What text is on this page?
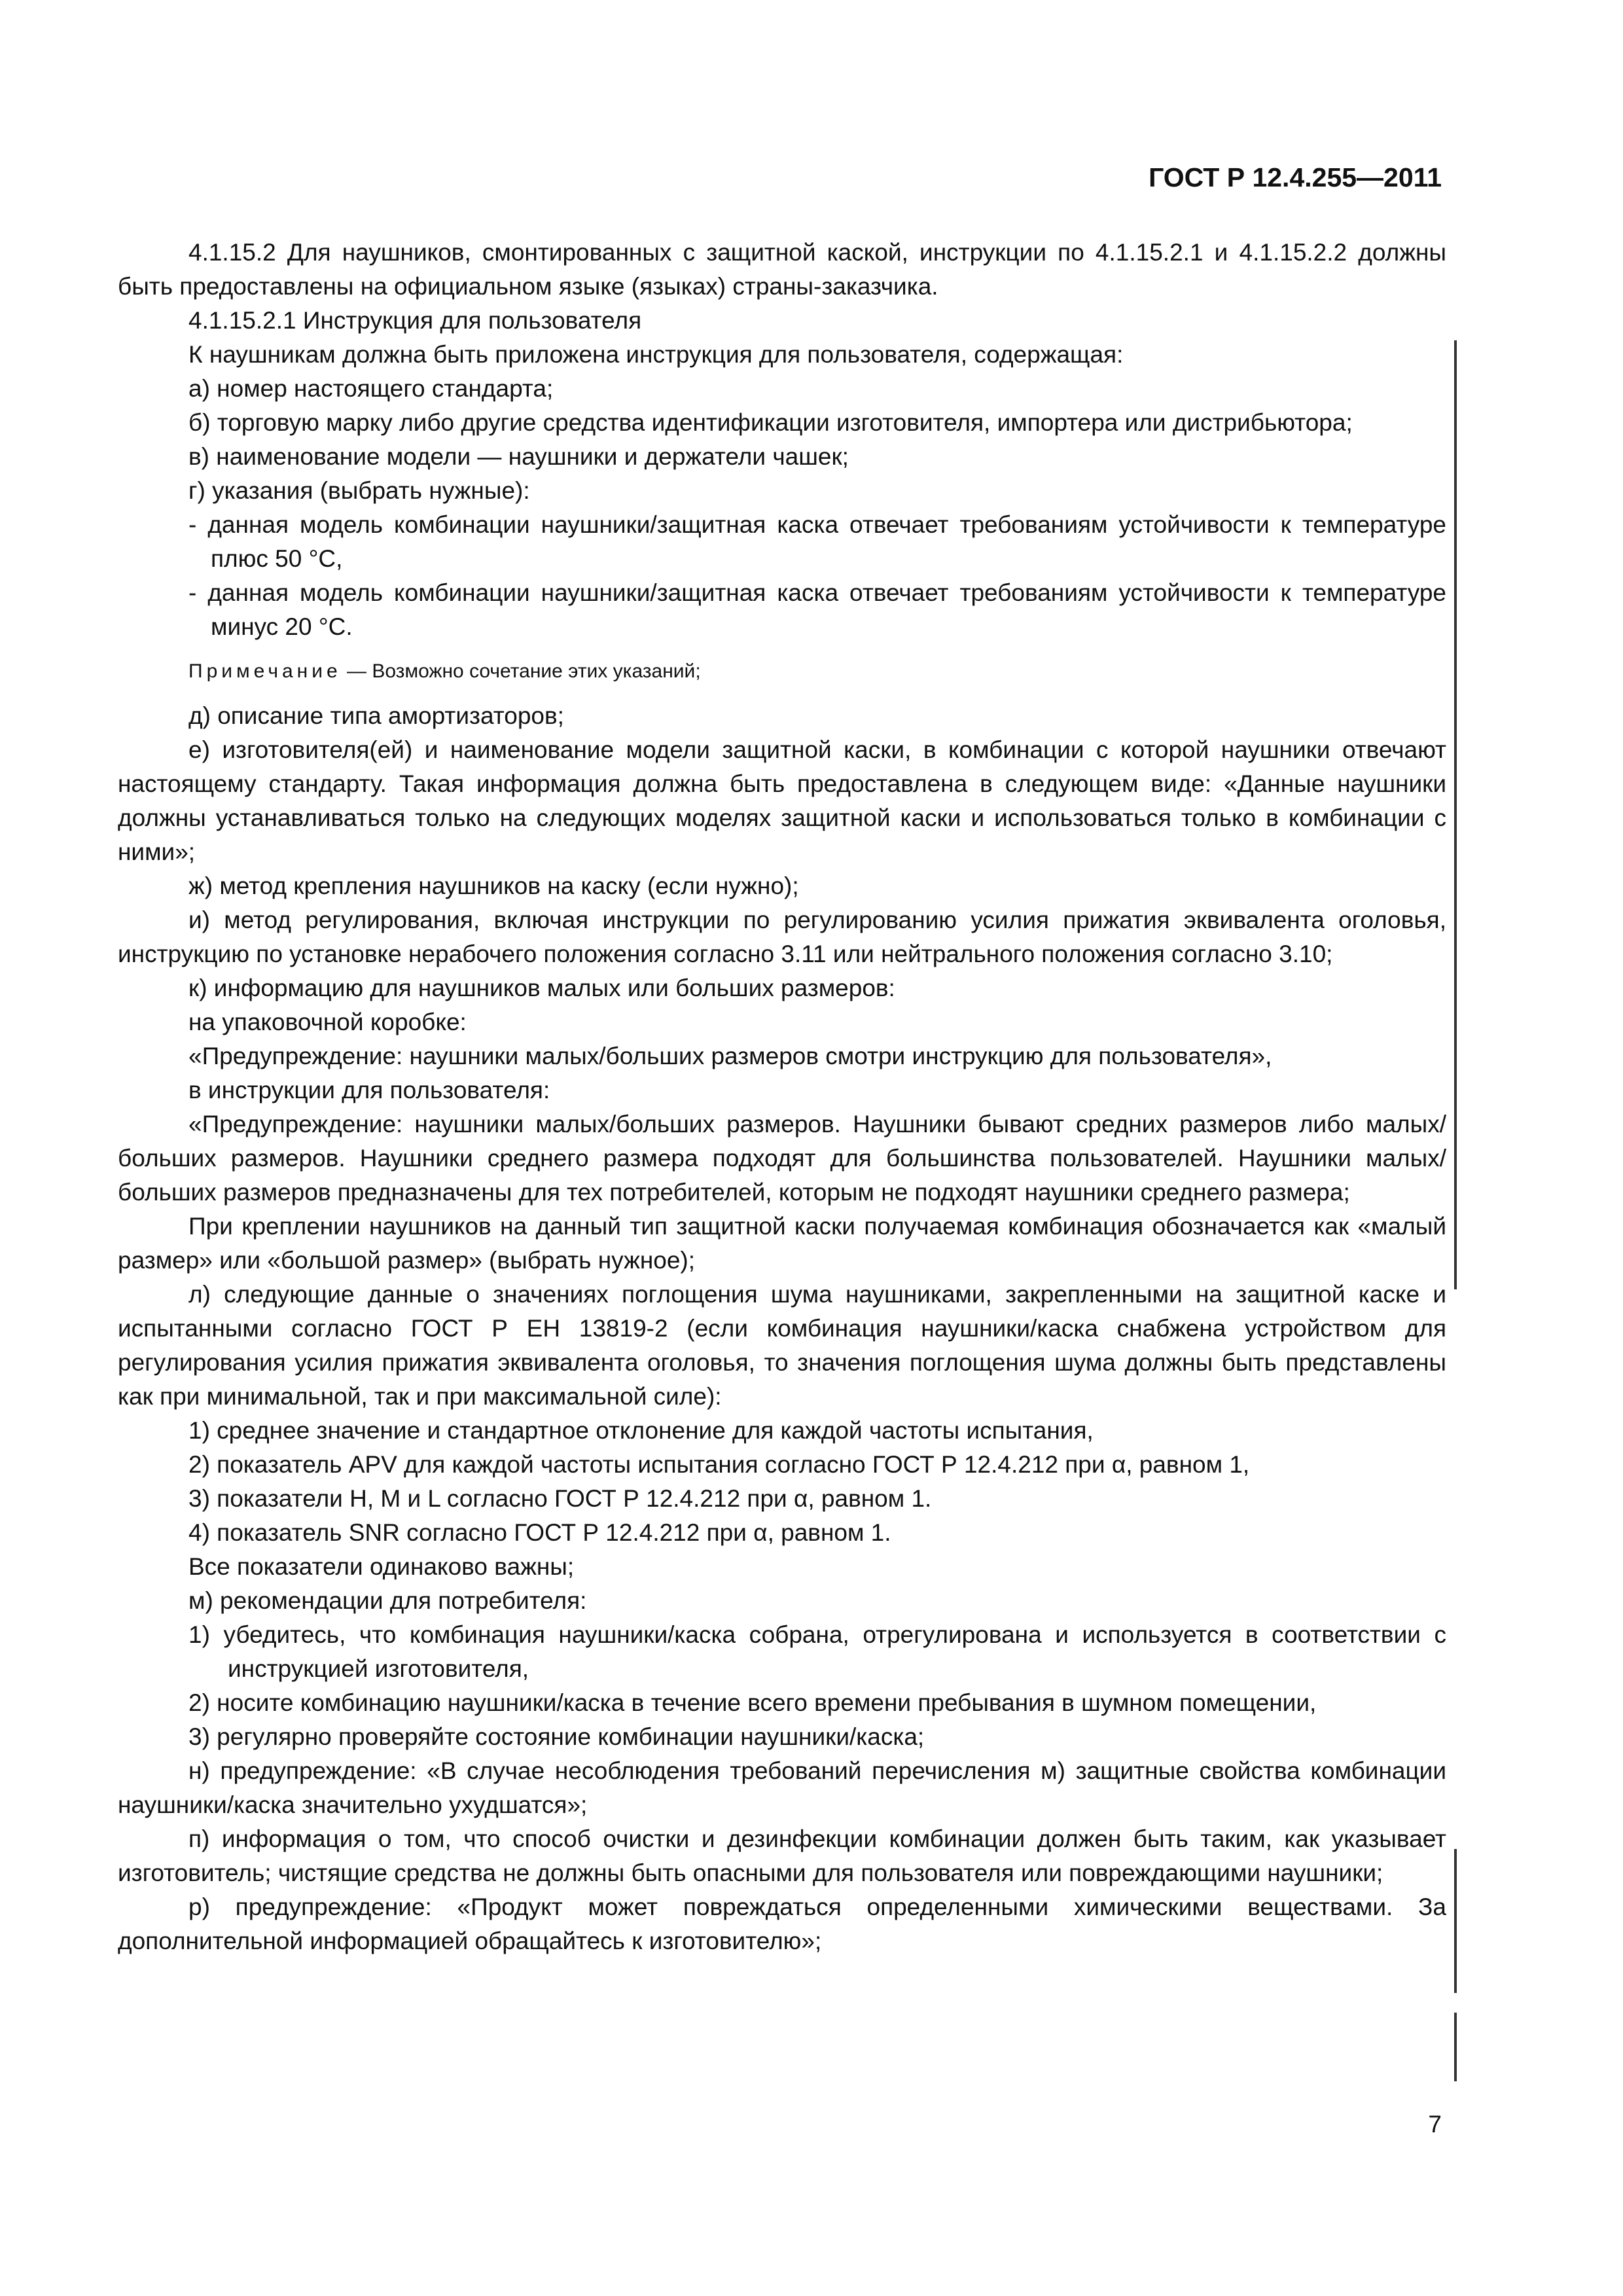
ГОСТ Р 12.4.255—2011

4.1.15.2 Для наушников, смонтированных с защитной каской, инструкции по 4.1.15.2.1 и 4.1.15.2.2 должны быть предоставлены на официальном языке (языках) страны-заказчика.

4.1.15.2.1 Инструкция для пользователя

К наушникам должна быть приложена инструкция для пользователя, содержащая:

а) номер настоящего стандарта;

б) торговую марку либо другие средства идентификации изготовителя, импортера или дистрибьютора;

в) наименование модели — наушники и держатели чашек;

г) указания (выбрать нужные):

- данная модель комбинации наушники/защитная каска отвечает требованиям устойчивости к температуре плюс 50 °С,

- данная модель комбинации наушники/защитная каска отвечает требованиям устойчивости к температуре минус 20 °С.

Примечание — Возможно сочетание этих указаний;

д) описание типа амортизаторов;

е) изготовителя(ей) и наименование модели защитной каски, в комбинации с которой наушники отвечают настоящему стандарту. Такая информация должна быть предоставлена в следующем виде: «Данные наушники должны устанавливаться только на следующих моделях защитной каски и использоваться только в комбинации с ними»;

ж) метод крепления наушников на каску (если нужно);

и) метод регулирования, включая инструкции по регулированию усилия прижатия эквивалента оголовья, инструкцию по установке нерабочего положения согласно 3.11 или нейтрального положения согласно 3.10;

к) информацию для наушников малых или больших размеров:

на упаковочной коробке:

«Предупреждение: наушники малых/больших размеров смотри инструкцию для пользователя»,

в инструкции для пользователя:

«Предупреждение: наушники малых/больших размеров. Наушники бывают средних размеров либо малых/больших размеров. Наушники среднего размера подходят для большинства пользователей. Наушники малых/больших размеров предназначены для тех потребителей, которым не подходят наушники среднего размера;

При креплении наушников на данный тип защитной каски получаемая комбинация обозначается как «малый размер» или «большой размер» (выбрать нужное);

л) следующие данные о значениях поглощения шума наушниками, закрепленными на защитной каске и испытанными согласно ГОСТ Р ЕН 13819-2 (если комбинация наушники/каска снабжена устройством для регулирования усилия прижатия эквивалента оголовья, то значения поглощения шума должны быть представлены как при минимальной, так и при максимальной силе):

1) среднее значение и стандартное отклонение для каждой частоты испытания,

2) показатель APV для каждой частоты испытания согласно ГОСТ Р 12.4.212 при α, равном 1,

3) показатели H, M и L согласно ГОСТ Р 12.4.212 при α, равном 1.

4) показатель SNR согласно ГОСТ Р 12.4.212 при α, равном 1.

Все показатели одинаково важны;

м) рекомендации для потребителя:

1) убедитесь, что комбинация наушники/каска собрана, отрегулирована и используется в соответствии с инструкцией изготовителя,

2) носите комбинацию наушники/каска в течение всего времени пребывания в шумном помещении,

3) регулярно проверяйте состояние комбинации наушники/каска;

н) предупреждение: «В случае несоблюдения требований перечисления м) защитные свойства комбинации наушники/каска значительно ухудшатся»;

п) информация о том, что способ очистки и дезинфекции комбинации должен быть таким, как указывает изготовитель; чистящие средства не должны быть опасными для пользователя или повреждающими наушники;

р) предупреждение: «Продукт может повреждаться определенными химическими веществами. За дополнительной информацией обращайтесь к изготовителю»;

7
